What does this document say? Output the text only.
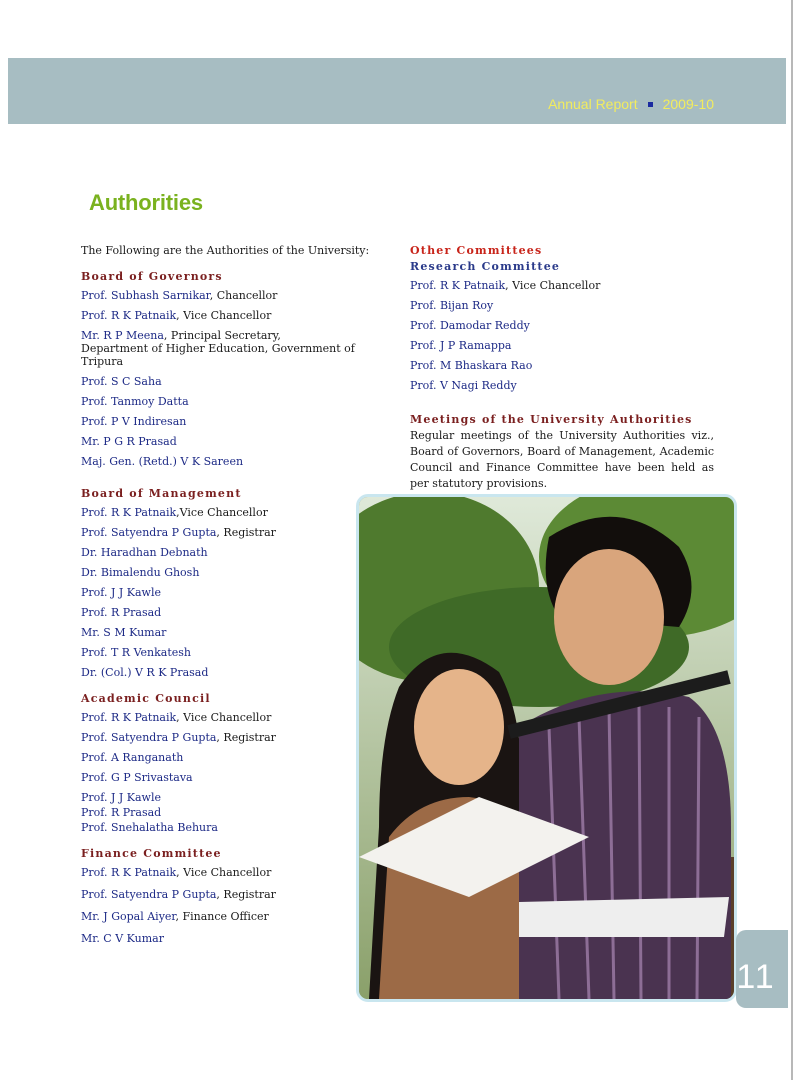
Annual Report 2009-10
Authorities

The Following are the Authorities of the University:

Board of Governors
Prof. Subhash Sarnikar, Chancellor
Prof. R K Patnaik, Vice Chancellor
Mr. R P Meena, Principal Secretary,
Department of Higher Education, Government of Tripura
Prof. S C Saha
Prof. Tanmoy Datta
Prof. P V Indiresan
Mr. P G R Prasad
Maj. Gen. (Retd.) V K Sareen
Board of Management
Prof. R K Patnaik,Vice Chancellor
Prof. Satyendra P Gupta, Registrar
Dr. Haradhan Debnath
Dr. Bimalendu Ghosh
Prof. J J Kawle
Prof. R Prasad
Mr. S M Kumar
Prof. T R Venkatesh
Dr. (Col.) V R K Prasad
Academic Council
Prof. R K Patnaik, Vice Chancellor
Prof. Satyendra P Gupta, Registrar
Prof. A Ranganath
Prof. G P Srivastava
Prof. J J Kawle
Prof. R Prasad
Prof. Snehalatha Behura
Finance Committee
Prof. R K Patnaik, Vice Chancellor
Prof. Satyendra P Gupta, Registrar
Mr. J Gopal Aiyer, Finance Officer
Mr. C V Kumar
Other Committees
Research Committee
Prof. R K Patnaik, Vice Chancellor
Prof. Bijan Roy
Prof. Damodar Reddy
Prof. J P Ramappa
Prof. M Bhaskara Rao
Prof. V Nagi Reddy
Meetings of the University Authorities

Regular meetings of the University Authorities viz., Board of Governors, Board of Management, Academic Council and Finance Committee have been held as per statutory provisions.

11
